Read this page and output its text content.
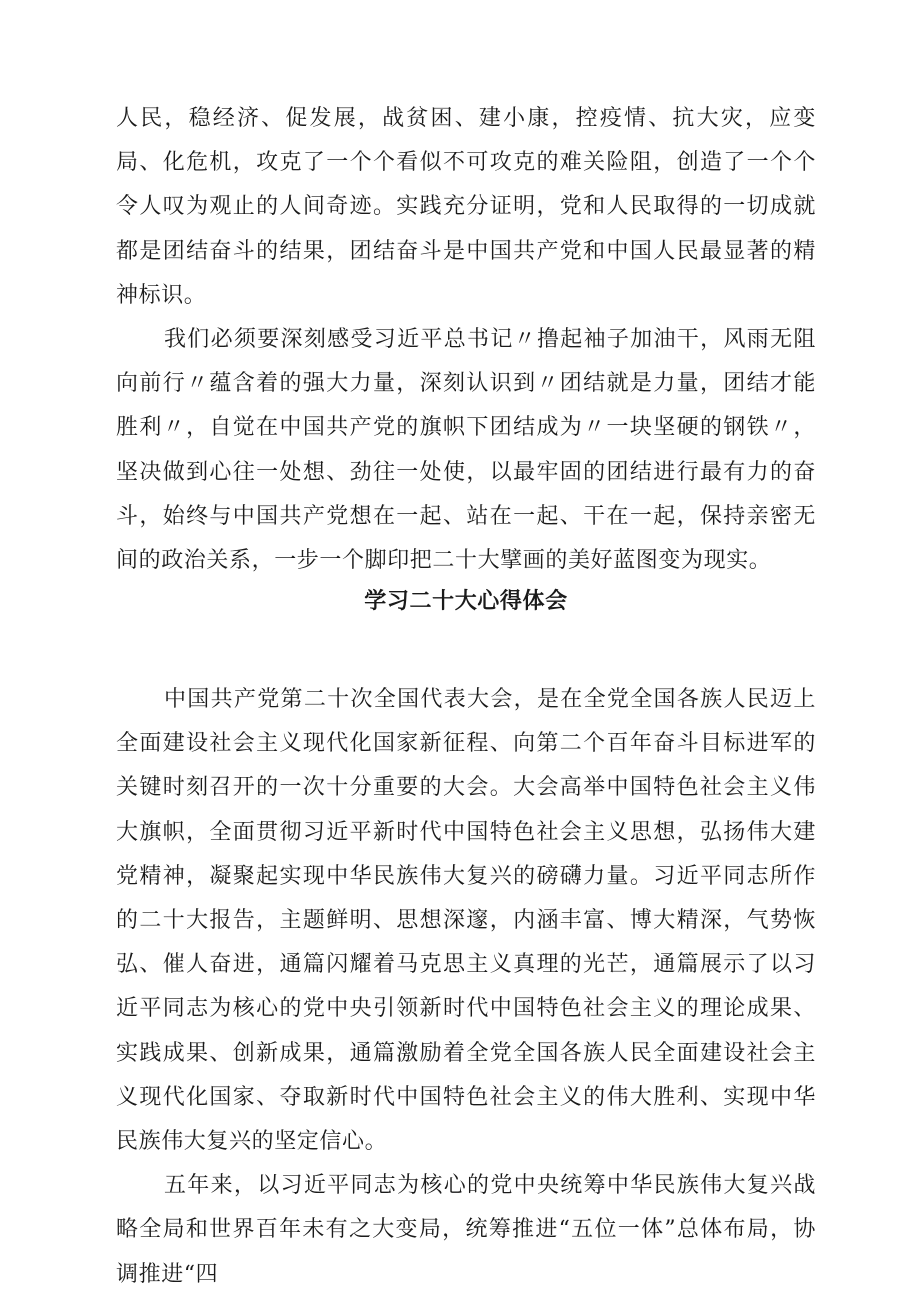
人民，稳经济、促发展，战贫困、建小康，控疫情、抗大灾，应变局、化危机，攻克了一个个看似不可攻克的难关险阻，创造了一个个令人叹为观止的人间奇迹。实践充分证明，党和人民取得的一切成就都是团结奋斗的结果，团结奋斗是中国共产党和中国人民最显著的精神标识。

我们必须要深刻感受习近平总书记〃撸起袖子加油干，风雨无阻向前行〃蕴含着的强大力量，深刻认识到〃团结就是力量，团结才能胜利〃，自觉在中国共产党的旗帜下团结成为〃一块坚硬的钢铁〃，坚决做到心往一处想、劲往一处使，以最牢固的团结进行最有力的奋斗，始终与中国共产党想在一起、站在一起、干在一起，保持亲密无间的政治关系，一步一个脚印把二十大擘画的美好蓝图变为现实。

学习二十大心得体会

中国共产党第二十次全国代表大会，是在全党全国各族人民迈上全面建设社会主义现代化国家新征程、向第二个百年奋斗目标进军的关键时刻召开的一次十分重要的大会。大会高举中国特色社会主义伟大旗帜，全面贯彻习近平新时代中国特色社会主义思想，弘扬伟大建党精神，凝聚起实现中华民族伟大复兴的磅礴力量。习近平同志所作的二十大报告，主题鲜明、思想深邃，内涵丰富、博大精深，气势恢弘、催人奋进，通篇闪耀着马克思主义真理的光芒，通篇展示了以习近平同志为核心的党中央引领新时代中国特色社会主义的理论成果、实践成果、创新成果，通篇激励着全党全国各族人民全面建设社会主义现代化国家、夺取新时代中国特色社会主义的伟大胜利、实现中华民族伟大复兴的坚定信心。

五年来，以习近平同志为核心的党中央统筹中华民族伟大复兴战略全局和世界百年未有之大变局，统筹推进“五位一体”总体布局，协调推进“四
